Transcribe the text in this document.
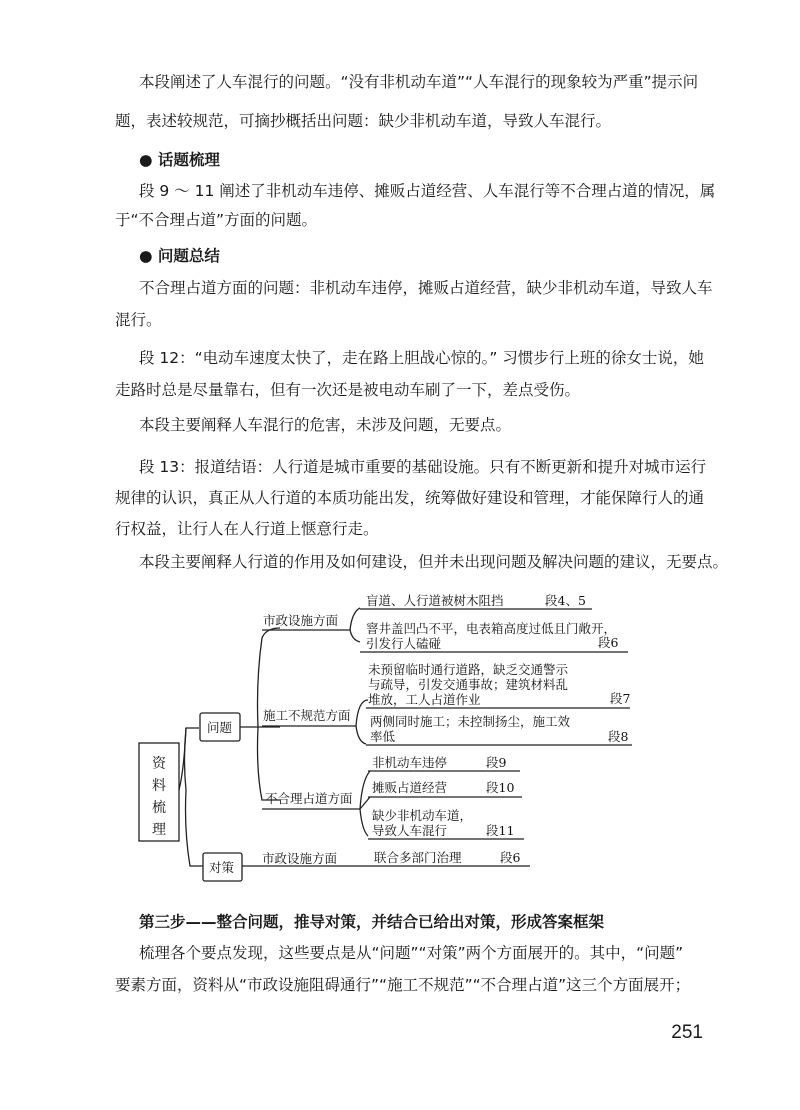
本段阐述了人车混行的问题。“没有非机动车道”“人车混行的现象较为严重”提示问
题，表述较规范，可摘抄概括出问题：缺少非机动车道，导致人车混行。
● 话题梳理
段 9 ～ 11 阐述了非机动车违停、摊贩占道经营、人车混行等不合理占道的情况，属
于“不合理占道”方面的问题。
● 问题总结
不合理占道方面的问题：非机动车违停，摊贩占道经营，缺少非机动车道，导致人车
混行。
段 12：“电动车速度太快了，走在路上胆战心惊的。” 习惯步行上班的徐女士说，她
走路时总是尽量靠右，但有一次还是被电动车刷了一下，差点受伤。
本段主要阐释人车混行的危害，未涉及问题，无要点。
段 13：报道结语：人行道是城市重要的基础设施。只有不断更新和提升对城市运行
规律的认识，真正从人行道的本质功能出发，统筹做好建设和管理，才能保障行人的通
行权益，让行人在人行道上惬意行走。
本段主要阐释人行道的作用及如何建设，但并未出现问题及解决问题的建议，无要点。
资
料
梳
理
问题
对策
市政设施方面
施工不规范方面
不合理占道方面
市政设施方面
盲道、人行道被树木阻挡	段4、5
窨井盖凹凸不平，电表箱高度过低且门敞开，
引发行人磕碰	段6
未预留临时通行道路，缺乏交通警示
与疏导，引发交通事故；建筑材料乱
堆放，工人占道作业	段7
两侧同时施工；未控制扬尘，施工效
率低	段8
非机动车违停	段9
摊贩占道经营	段10
缺少非机动车道，
导致人车混行	段11
联合多部门治理	段6
第三步——整合问题，推导对策，并结合已给出对策，形成答案框架
梳理各个要点发现，这些要点是从“问题”“对策”两个方面展开的。其中，“问题”
要素方面，资料从“市政设施阻碍通行”“施工不规范”“不合理占道”这三个方面展开；
251
